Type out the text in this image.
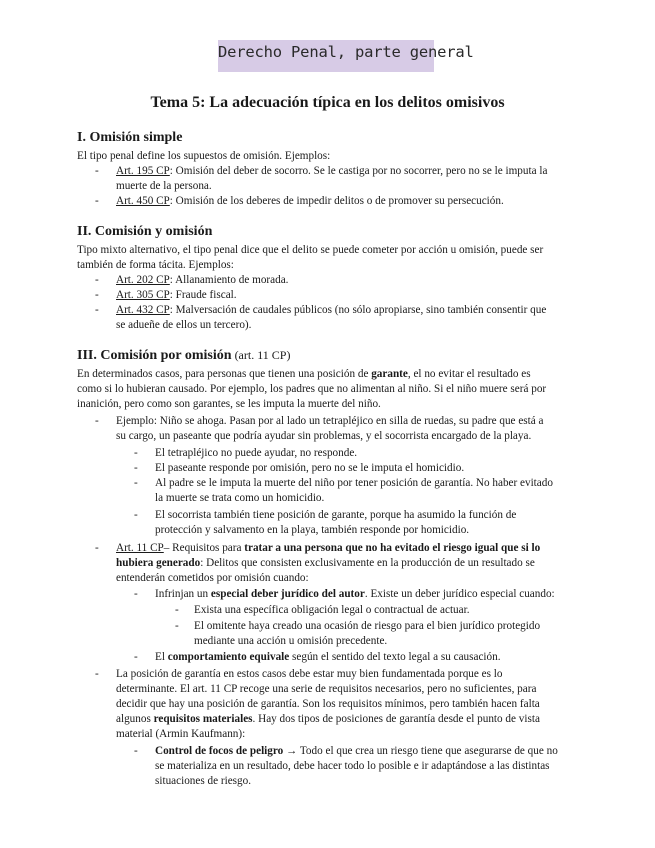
Derecho Penal, parte general
Tema 5: La adecuación típica en los delitos omisivos
I. Omisión simple
El tipo penal define los supuestos de omisión. Ejemplos:
- Art. 195 CP: Omisión del deber de socorro. Se le castiga por no socorrer, pero no se le imputa la
muerte de la persona.
- Art. 450 CP: Omisión de los deberes de impedir delitos o de promover su persecución.
II. Comisión y omisión
Tipo mixto alternativo, el tipo penal dice que el delito se puede cometer por acción u omisión, puede ser
también de forma tácita. Ejemplos:
- Art. 202 CP: Allanamiento de morada.
- Art. 305 CP: Fraude fiscal.
- Art. 432 CP: Malversación de caudales públicos (no sólo apropiarse, sino también consentir que
se adueñe de ellos un tercero).
III. Comisión por omisión (art. 11 CP)
En determinados casos, para personas que tienen una posición de garante, el no evitar el resultado es
como si lo hubieran causado. Por ejemplo, los padres que no alimentan al niño. Si el niño muere será por
inanición, pero como son garantes, se les imputa la muerte del niño.
- Ejemplo: Niño se ahoga. Pasan por al lado un tetrapléjico en silla de ruedas, su padre que está a
su cargo, un paseante que podría ayudar sin problemas, y el socorrista encargado de la playa.
- El tetrapléjico no puede ayudar, no responde.
- El paseante responde por omisión, pero no se le imputa el homicidio.
- Al padre se le imputa la muerte del niño por tener posición de garantía. No haber evitado
la muerte se trata como un homicidio.
- El socorrista también tiene posición de garante, porque ha asumido la función de
protección y salvamento en la playa, también responde por homicidio.
- Art. 11 CP– Requisitos para tratar a una persona que no ha evitado el riesgo igual que si lo
hubiera generado: Delitos que consisten exclusivamente en la producción de un resultado se
entenderán cometidos por omisión cuando:
- Infrinjan un especial deber jurídico del autor. Existe un deber jurídico especial cuando:
- Exista una específica obligación legal o contractual de actuar.
- El omitente haya creado una ocasión de riesgo para el bien jurídico protegido
mediante una acción u omisión precedente.
- El comportamiento equivale según el sentido del texto legal a su causación.
- La posición de garantía en estos casos debe estar muy bien fundamentada porque es lo
determinante. El art. 11 CP recoge una serie de requisitos necesarios, pero no suficientes, para
decidir que hay una posición de garantía. Son los requisitos mínimos, pero también hacen falta
algunos requisitos materiales. Hay dos tipos de posiciones de garantía desde el punto de vista
material (Armin Kaufmann):
- Control de focos de peligro → Todo el que crea un riesgo tiene que asegurarse de que no
se materializa en un resultado, debe hacer todo lo posible e ir adaptándose a las distintas
situaciones de riesgo.
